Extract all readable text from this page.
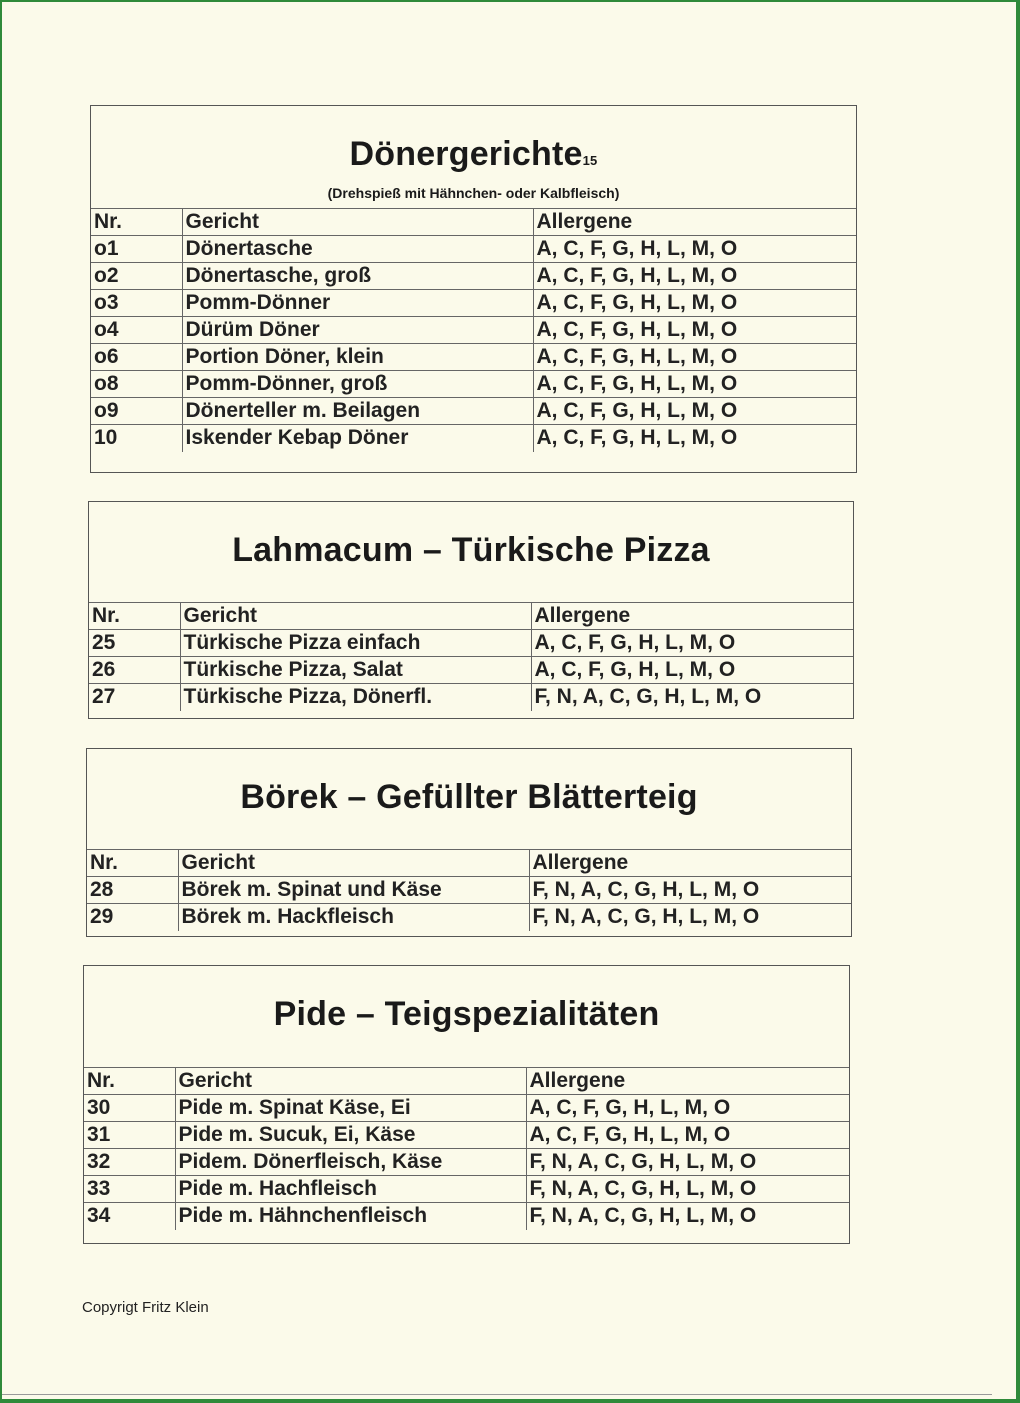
Dönergerichte15
(Drehspieß mit Hähnchen- oder Kalbfleisch)
Nr.	Gericht	Allergene
o1	Dönertasche	A, C, F, G, H, L, M, O
o2	Dönertasche, groß	A, C, F, G, H, L, M, O
o3	Pomm-Dönner	A, C, F, G, H, L, M, O
o4	Dürüm Döner	A, C, F, G, H, L, M, O
o6	Portion Döner, klein	A, C, F, G, H, L, M, O
o8	Pomm-Dönner, groß	A, C, F, G, H, L, M, O
o9	Dönerteller m. Beilagen	A, C, F, G, H, L, M, O
10	Iskender Kebap Döner	A, C, F, G, H, L, M, O
Lahmacum – Türkische Pizza
Nr.	Gericht	Allergene
25	Türkische Pizza einfach	A, C, F, G, H, L, M, O
26	Türkische Pizza, Salat	A, C, F, G, H, L, M, O
27	Türkische Pizza, Dönerfl.	F, N, A, C, G, H, L, M, O
Börek – Gefüllter Blätterteig
Nr.	Gericht	Allergene
28	Börek m. Spinat und Käse	F, N, A, C, G, H, L, M, O
29	Börek m. Hackfleisch	F, N, A, C, G, H, L, M, O
Pide – Teigspezialitäten
Nr.	Gericht	Allergene
30	Pide m. Spinat Käse, Ei	A, C, F, G, H, L, M, O
31	Pide m. Sucuk, Ei, Käse	A, C, F, G, H, L, M, O
32	Pidem. Dönerfleisch, Käse	F, N, A, C, G, H, L, M, O
33	Pide m. Hachfleisch	F, N, A, C, G, H, L, M, O
34	Pide m. Hähnchenfleisch	F, N, A, C, G, H, L, M, O
Copyrigt Fritz Klein
